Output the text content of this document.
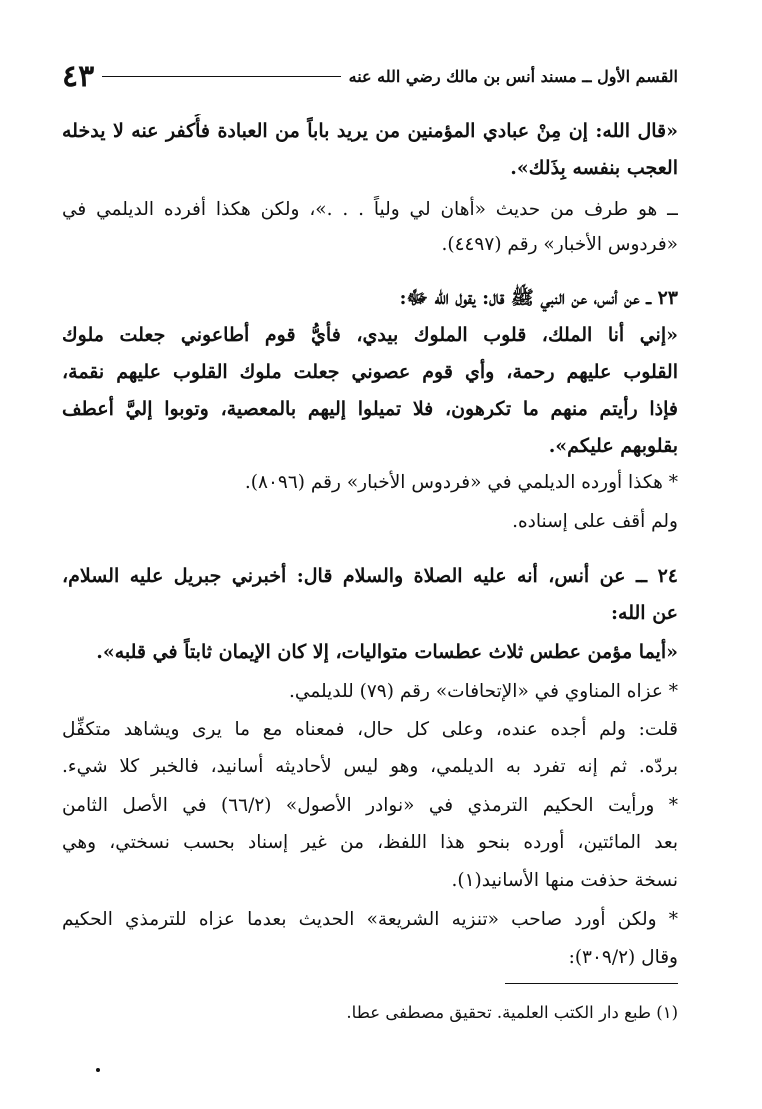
القسم الأول ــ مسند أنس بن مالك رضي الله عنه
٤٣
«قال الله: إن مِنْ عبادي المؤمنين من يريد باباً من العبادة فأُكفر عنه لا يدخله
العجب بنفسه بِذَلك».
ــ هو طرف من حديث «أهان لي ولياً . . .»، ولكن هكذا أفرده الديلمي في
«فردوس الأخبار» رقم (٤٤٩٧).
٢٣ ــ عن أنس، عن النبي ﷺ قال: يقول الله ﷻ:
«إني أنا الملك، قلوب الملوك بيدي، فأيُّ قوم أطاعوني جعلت ملوك
القلوب عليهم رحمة، وأي قوم عصوني جعلت ملوك القلوب عليهم نقمة،
فإذا رأيتم منهم ما تكرهون، فلا تميلوا إليهم بالمعصية، وتوبوا إليَّ أعطف
بقلوبهم عليكم».
* هكذا أورده الديلمي في «فردوس الأخبار» رقم (٨٠٩٦).
ولم أقف على إسناده.
٢٤ ــ عن أنس، أنه عليه الصلاة والسلام قال: أخبرني جبريل عليه السلام،
عن الله:
«أيما مؤمن عطس ثلاث عطسات متواليات، إلا كان الإيمان ثابتاً في قلبه».
* عزاه المناوي في «الإتحافات» رقم (٧٩) للديلمي.
قلت: ولم أجده عنده، وعلى كل حال، فمعناه مع ما يرى ويشاهد متكفِّل
بردّه. ثم إنه تفرد به الديلمي، وهو ليس لأحاديثه أسانيد، فالخبر كلا شيء.
* ورأيت الحكيم الترمذي في «نوادر الأصول» (٦٦/٢) في الأصل الثامن
بعد المائتين، أورده بنحو هذا اللفظ، من غير إسناد بحسب نسختي، وهي
نسخة حذفت منها الأسانيد(١).
* ولكن أورد صاحب «تنزيه الشريعة» الحديث بعدما عزاه للترمذي الحكيم
وقال (٣٠٩/٢):
(١) طبع دار الكتب العلمية. تحقيق مصطفى عطا.
